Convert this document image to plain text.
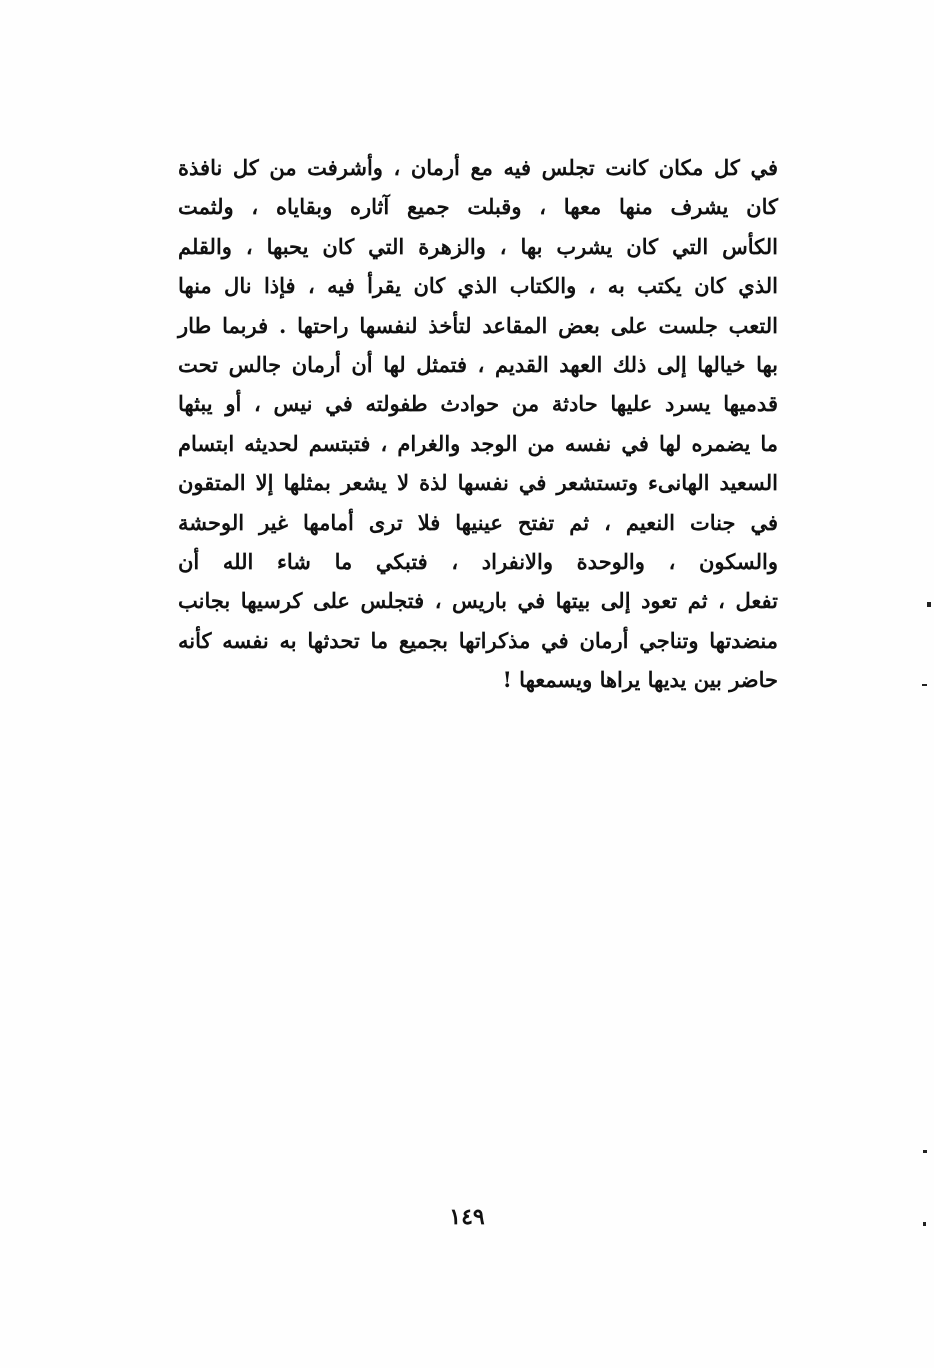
في كل مكان كانت تجلس فيه مع أرمان ، وأشرفت من كل نافذة
كان يشرف منها معها ، وقبلت جميع آثاره وبقاياه ، ولثمت
الكأس التي كان يشرب بها ، والزهرة التي كان يحبها ، والقلم
الذي كان يكتب به ، والكتاب الذي كان يقرأ فيه ، فإذا نال منها
التعب جلست على بعض المقاعد لتأخذ لنفسها راحتها . فربما طار
بها خيالها إلى ذلك العهد القديم ، فتمثل لها أن أرمان جالس تحت
قدميها يسرد عليها حادثة من حوادث طفولته في نيس ، أو يبثها
ما يضمره لها في نفسه من الوجد والغرام ، فتبتسم لحديثه ابتسام
السعيد الهانىء وتستشعر في نفسها لذة لا يشعر بمثلها إلا المتقون
في جنات النعيم ، ثم تفتح عينيها فلا ترى أمامها غير الوحشة
والسكون ، والوحدة والانفراد ، فتبكي ما شاء الله أن
تفعل ، ثم تعود إلى بيتها في باريس ، فتجلس على كرسيها بجانب
منضدتها وتناجي أرمان في مذكراتها بجميع ما تحدثها به نفسه كأنه
حاضر بين يديها يراها ويسمعها !
١٤٩
